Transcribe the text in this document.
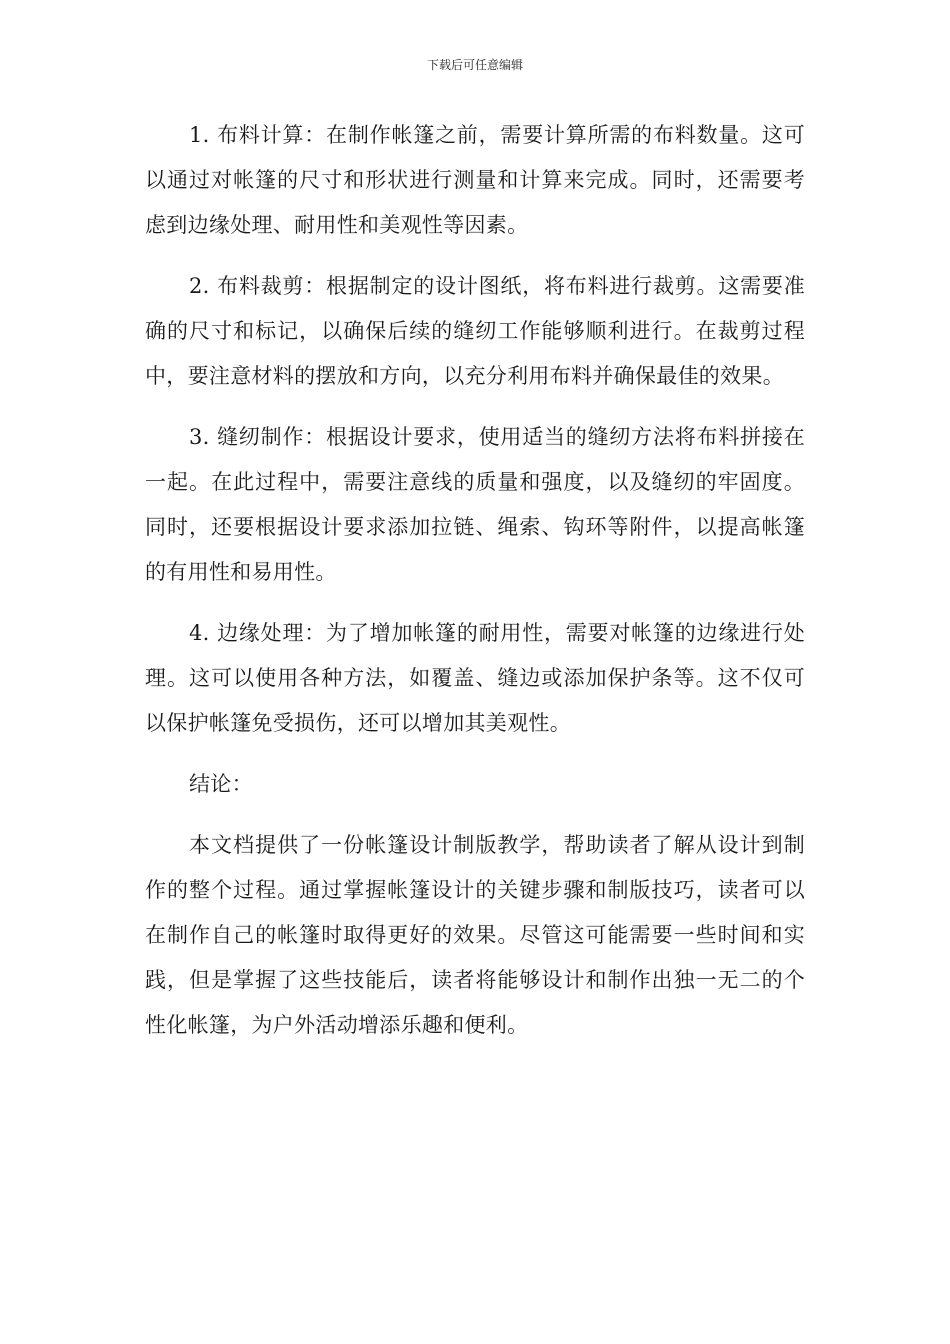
下载后可任意编辑

1. 布料计算：在制作帐篷之前，需要计算所需的布料数量。这可以通过对帐篷的尺寸和形状进行测量和计算来完成。同时，还需要考虑到边缘处理、耐用性和美观性等因素。

2. 布料裁剪：根据制定的设计图纸，将布料进行裁剪。这需要准确的尺寸和标记，以确保后续的缝纫工作能够顺利进行。在裁剪过程中，要注意材料的摆放和方向，以充分利用布料并确保最佳的效果。

3. 缝纫制作：根据设计要求，使用适当的缝纫方法将布料拼接在一起。在此过程中，需要注意线的质量和强度，以及缝纫的牢固度。同时，还要根据设计要求添加拉链、绳索、钩环等附件，以提高帐篷的有用性和易用性。

4. 边缘处理：为了增加帐篷的耐用性，需要对帐篷的边缘进行处理。这可以使用各种方法，如覆盖、缝边或添加保护条等。这不仅可以保护帐篷免受损伤，还可以增加其美观性。

结论：

本文档提供了一份帐篷设计制版教学，帮助读者了解从设计到制作的整个过程。通过掌握帐篷设计的关键步骤和制版技巧，读者可以在制作自己的帐篷时取得更好的效果。尽管这可能需要一些时间和实践，但是掌握了这些技能后，读者将能够设计和制作出独一无二的个性化帐篷，为户外活动增添乐趣和便利。
